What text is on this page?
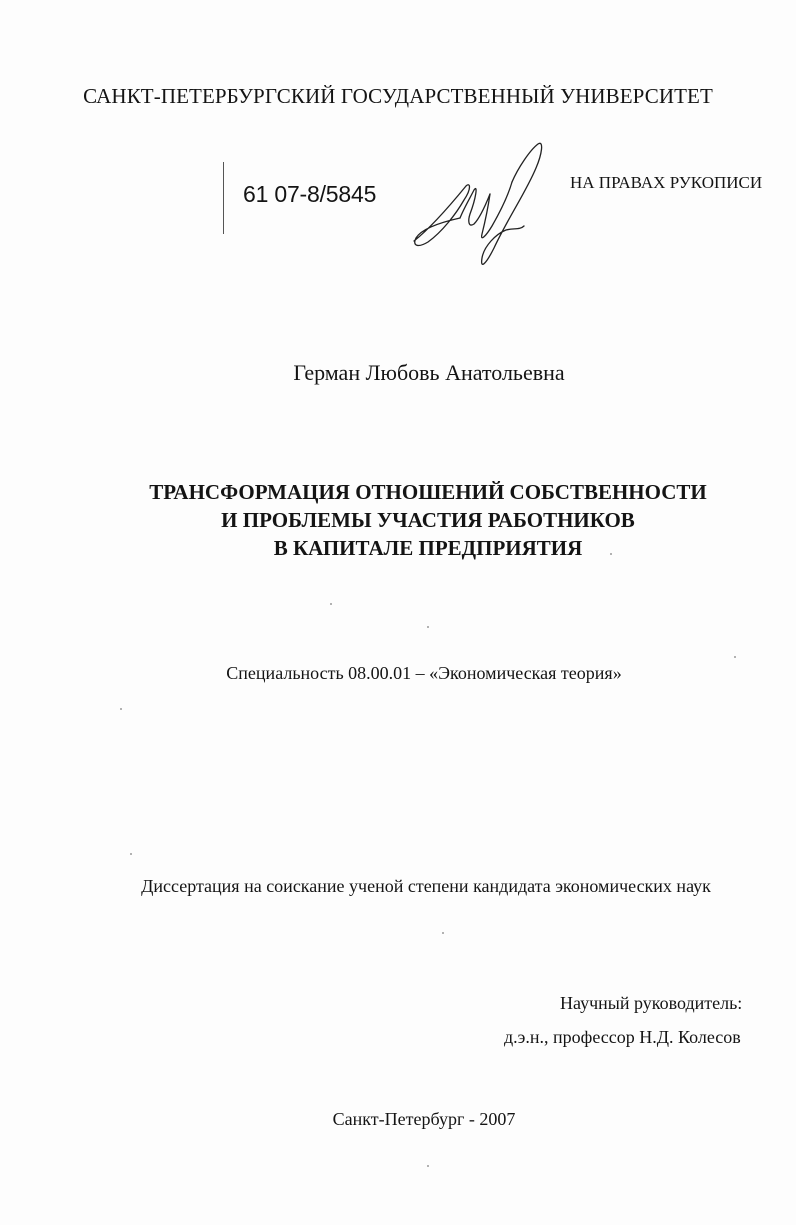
САНКТ-ПЕТЕРБУРГСКИЙ ГОСУДАРСТВЕННЫЙ УНИВЕРСИТЕТ
61 07-8/5845	НА ПРАВАХ РУКОПИСИ
Герман Любовь Анатольевна
ТРАНСФОРМАЦИЯ ОТНОШЕНИЙ СОБСТВЕННОСТИ
И ПРОБЛЕМЫ УЧАСТИЯ РАБОТНИКОВ
В КАПИТАЛЕ ПРЕДПРИЯТИЯ
Специальность 08.00.01 – «Экономическая теория»
Диссертация на соискание ученой степени кандидата экономических наук
Научный руководитель:
д.э.н., профессор Н.Д. Колесов
Санкт-Петербург - 2007
